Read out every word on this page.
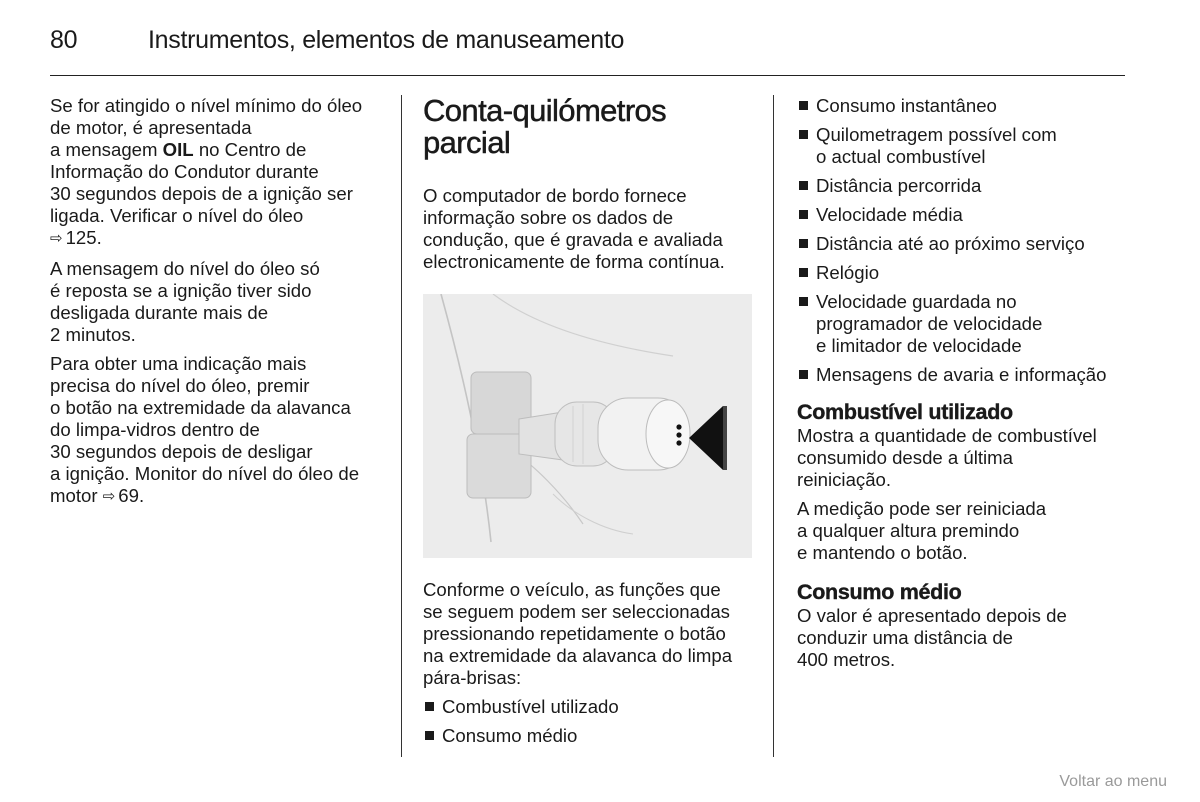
80	Instrumentos, elementos de manuseamento

Se for atingido o nível mínimo do óleo
de motor, é apresentada
a mensagem OIL no Centro de
Informação do Condutor durante
30 segundos depois de a ignição ser
ligada. Verificar o nível do óleo
⇨ 125.

A mensagem do nível do óleo só
é reposta se a ignição tiver sido
desligada durante mais de
2 minutos.

Para obter uma indicação mais
precisa do nível do óleo, premir
o botão na extremidade da alavanca
do limpa-vidros dentro de
30 segundos depois de desligar
a ignição. Monitor do nível do óleo de
motor ⇨ 69.

Conta-quilómetros
parcial

O computador de bordo fornece
informação sobre os dados de
condução, que é gravada e avaliada
electronicamente de forma contínua.

Conforme o veículo, as funções que
se seguem podem ser seleccionadas
pressionando repetidamente o botão
na extremidade da alavanca do limpa
pára-brisas:

Combustível utilizado
Consumo médio
Consumo instantâneo
Quilometragem possível com
o actual combustível
Distância percorrida
Velocidade média
Distância até ao próximo serviço
Relógio
Velocidade guardada no
programador de velocidade
e limitador de velocidade
Mensagens de avaria e informação
Combustível utilizado

Mostra a quantidade de combustível
consumido desde a última
reiniciação.

A medição pode ser reiniciada
a qualquer altura premindo
e mantendo o botão.

Consumo médio

O valor é apresentado depois de
conduzir uma distância de
400 metros.

Voltar ao menu
